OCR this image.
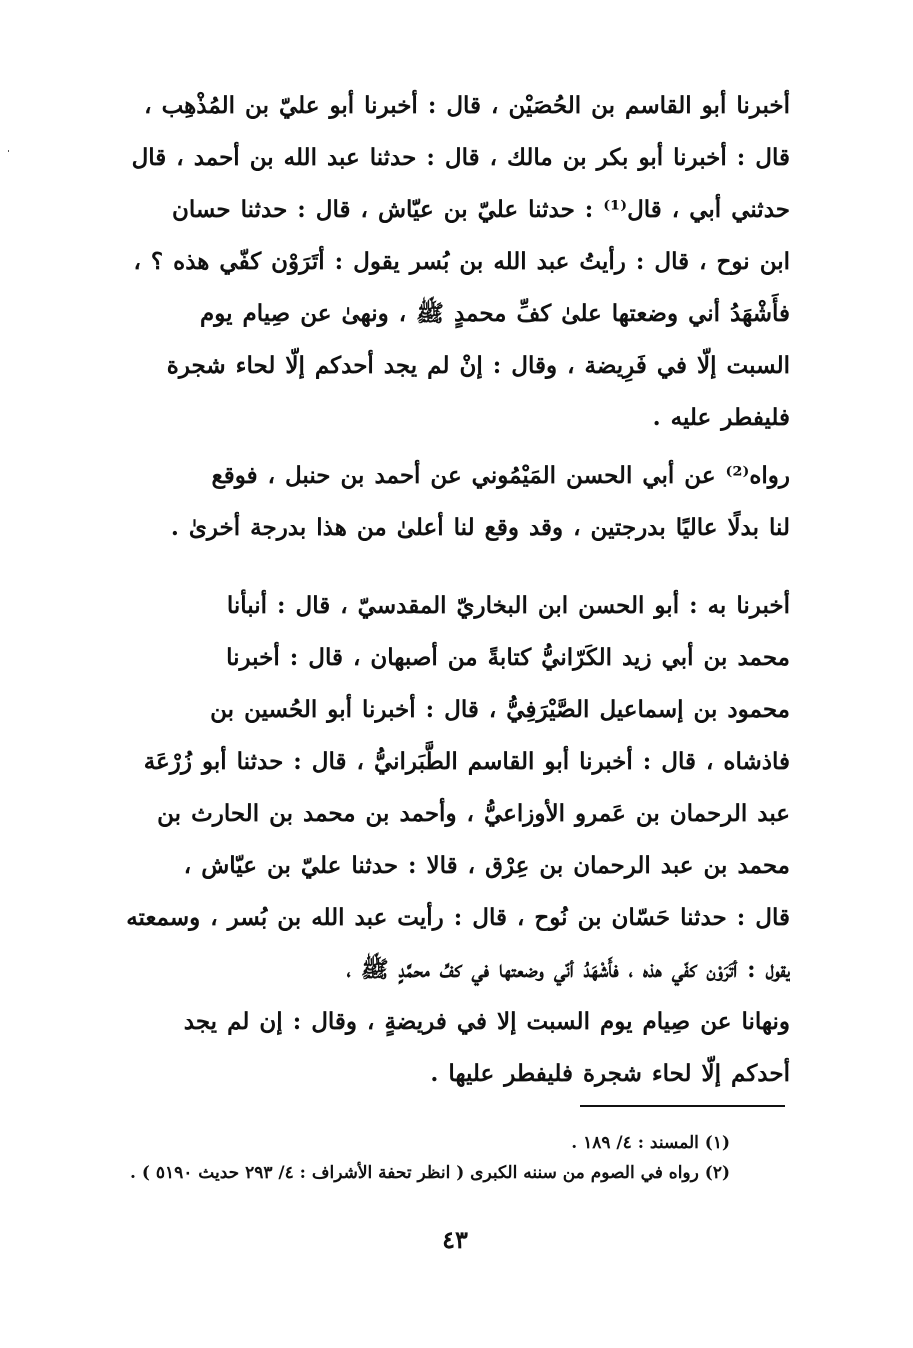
أخبرنا أبو القاسم بن الحُصَيْن ، قال : أخبرنا أبو عليّ بن المُذْهِب ،
قال : أخبرنا أبو بكر بن مالك ، قال : حدثنا عبد الله بن أحمد ، قال
حدثني أبي ، قال⁽¹⁾ : حدثنا عليّ بن عيّاش ، قال : حدثنا حسان
ابن نوح ، قال : رأيتُ عبد الله بن بُسر يقول : أتَرَوْن كفّي هذه ؟ ،
فأَشْهَدُ أني وضعتها علىٰ كفِّ محمدٍ ﷺ ، ونهىٰ عن صِيام يوم
السبت إلّا في فَرِيضة ، وقال : إنْ لم يجد أحدكم إلّا لحاء شجرة
فليفطر عليه .
رواه⁽²⁾ عن أبي الحسن المَيْمُوني عن أحمد بن حنبل ، فوقع
لنا بدلًا عاليًا بدرجتين ، وقد وقع لنا أعلىٰ من هذا بدرجة أخرىٰ .
أخبرنا به : أبو الحسن ابن البخاريّ المقدسيّ ، قال : أنبأنا
محمد بن أبي زيد الكَرّانيُّ كتابةً من أصبهان ، قال : أخبرنا
محمود بن إسماعيل الصَّيْرَفِيُّ ، قال : أخبرنا أبو الحُسين بن
فاذشاه ، قال : أخبرنا أبو القاسم الطَّبَرانيُّ ، قال : حدثنا أبو زُرْعَة
عبد الرحمان بن عَمرو الأوزاعيُّ ، وأحمد بن محمد بن الحارث بن
محمد بن عبد الرحمان بن عِرْق ، قالا : حدثنا عليّ بن عيّاش ،
قال : حدثنا حَسّان بن نُوح ، قال : رأيت عبد الله بن بُسر ، وسمعته
يقول : أتَرَوْن كفّي هذه ، فأَشْهَدُ أنّي وضعتها في كفِّ محمَّدٍ ﷺ ،
ونهانا عن صِيام يوم السبت إلا في فريضةٍ ، وقال : إن لم يجد
أحدكم إلّا لحاء شجرة فليفطر عليها .
(١) المسند : ٤/ ١٨٩ .
(٢) رواه في الصوم من سننه الكبرى ( انظر تحفة الأشراف : ٤/ ٢٩٣ حديث ٥١٩٠ ) .
٤٣
